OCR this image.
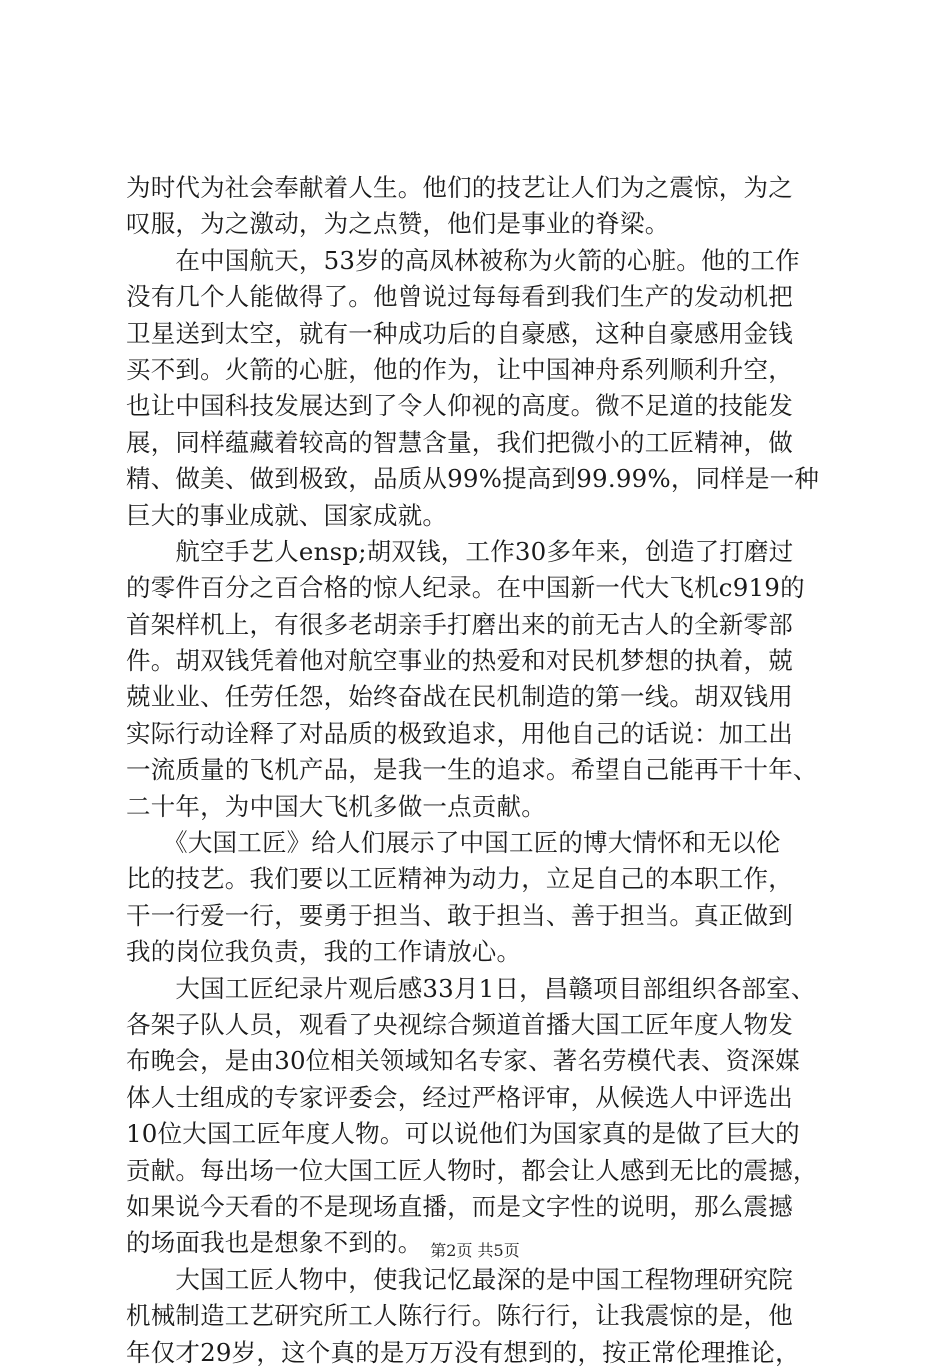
为时代为社会奉献着人生。他们的技艺让人们为之震惊，为之
叹服，为之激动，为之点赞，他们是事业的脊梁。
　　在中国航天，53岁的高凤林被称为火箭的心脏。他的工作
没有几个人能做得了。他曾说过每每看到我们生产的发动机把
卫星送到太空，就有一种成功后的自豪感，这种自豪感用金钱
买不到。火箭的心脏，他的作为，让中国神舟系列顺利升空，
也让中国科技发展达到了令人仰视的高度。微不足道的技能发
展，同样蕴藏着较高的智慧含量，我们把微小的工匠精神，做
精、做美、做到极致，品质从99%提高到99.99%，同样是一种
巨大的事业成就、国家成就。
　　航空手艺人ensp;胡双钱，工作30多年来，创造了打磨过
的零件百分之百合格的惊人纪录。在中国新一代大飞机c919的
首架样机上，有很多老胡亲手打磨出来的前无古人的全新零部
件。胡双钱凭着他对航空事业的热爱和对民机梦想的执着，兢
兢业业、任劳任怨，始终奋战在民机制造的第一线。胡双钱用
实际行动诠释了对品质的极致追求，用他自己的话说：加工出
一流质量的飞机产品，是我一生的追求。希望自己能再干十年、
二十年，为中国大飞机多做一点贡献。
　　《大国工匠》给人们展示了中国工匠的博大情怀和无以伦
比的技艺。我们要以工匠精神为动力，立足自己的本职工作，
干一行爱一行，要勇于担当、敢于担当、善于担当。真正做到
我的岗位我负责，我的工作请放心。
　　大国工匠纪录片观后感33月1日，昌赣项目部组织各部室、
各架子队人员，观看了央视综合频道首播大国工匠年度人物发
布晚会，是由30位相关领域知名专家、著名劳模代表、资深媒
体人士组成的专家评委会，经过严格评审，从候选人中评选出
10位大国工匠年度人物。可以说他们为国家真的是做了巨大的
贡献。每出场一位大国工匠人物时，都会让人感到无比的震撼，
如果说今天看的不是现场直播，而是文字性的说明，那么震撼
的场面我也是想象不到的。
　　大国工匠人物中，使我记忆最深的是中国工程物理研究院
机械制造工艺研究所工人陈行行。陈行行，让我震惊的是，他
年仅才29岁，这个真的是万万没有想到的，按正常伦理推论，
第2页 共5页
